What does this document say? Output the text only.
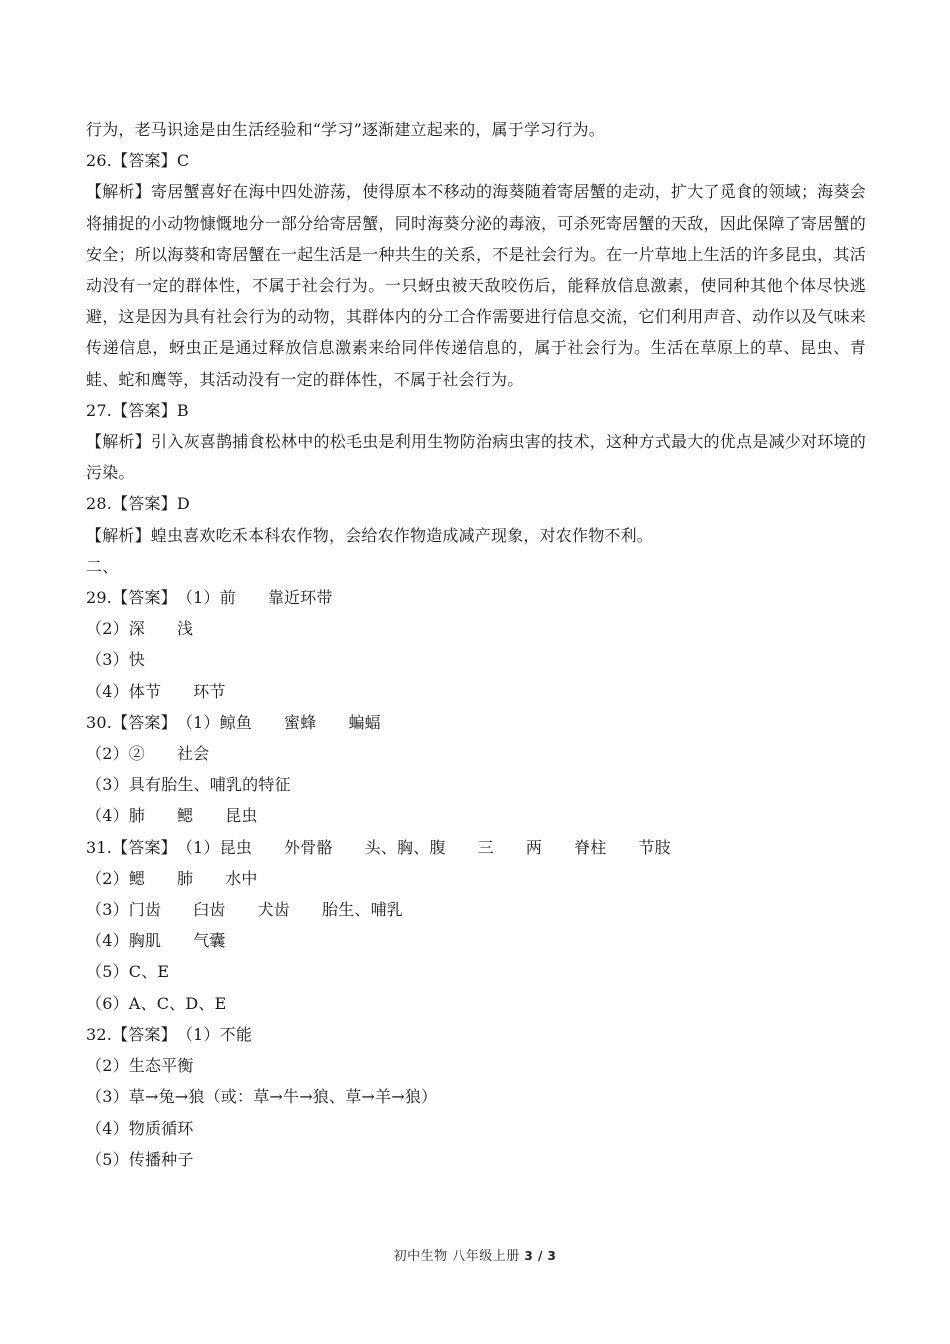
行为，老马识途是由生活经验和“学习”逐渐建立起来的，属于学习行为。
26.【答案】C
【解析】寄居蟹喜好在海中四处游荡，使得原本不移动的海葵随着寄居蟹的走动，扩大了觅食的领域；海葵会将捕捉的小动物慷慨地分一部分给寄居蟹，同时海葵分泌的毒液，可杀死寄居蟹的天敌，因此保障了寄居蟹的安全；所以海葵和寄居蟹在一起生活是一种共生的关系，不是社会行为。在一片草地上生活的许多昆虫，其活动没有一定的群体性，不属于社会行为。一只蚜虫被天敌咬伤后，能释放信息激素，使同种其他个体尽快逃避，这是因为具有社会行为的动物，其群体内的分工合作需要进行信息交流，它们利用声音、动作以及气味来传递信息，蚜虫正是通过释放信息激素来给同伴传递信息的，属于社会行为。生活在草原上的草、昆虫、青蛙、蛇和鹰等，其活动没有一定的群体性，不属于社会行为。
27.【答案】B
【解析】引入灰喜鹊捕食松林中的松毛虫是利用生物防治病虫害的技术，这种方式最大的优点是减少对环境的污染。
28.【答案】D
【解析】蝗虫喜欢吃禾本科农作物，会给农作物造成减产现象，对农作物不利。
二、
29.【答案】（1）前 靠近环带
（2）深 浅
（3）快
（4）体节 环节
30.【答案】（1）鲸鱼 蜜蜂 蝙蝠
（2）② 社会
（3）具有胎生、哺乳的特征
（4）肺 鳃 昆虫
31.【答案】（1）昆虫 外骨骼 头、胸、腹 三 两 脊柱 节肢
（2）鳃 肺 水中
（3）门齿 臼齿 犬齿 胎生、哺乳
（4）胸肌 气囊
（5）C、E
（6）A、C、D、E
32.【答案】（1）不能
（2）生态平衡
（3）草→兔→狼（或：草→牛→狼、草→羊→狼）
（4）物质循环
（5）传播种子
初中生物 八年级上册 3 / 3
